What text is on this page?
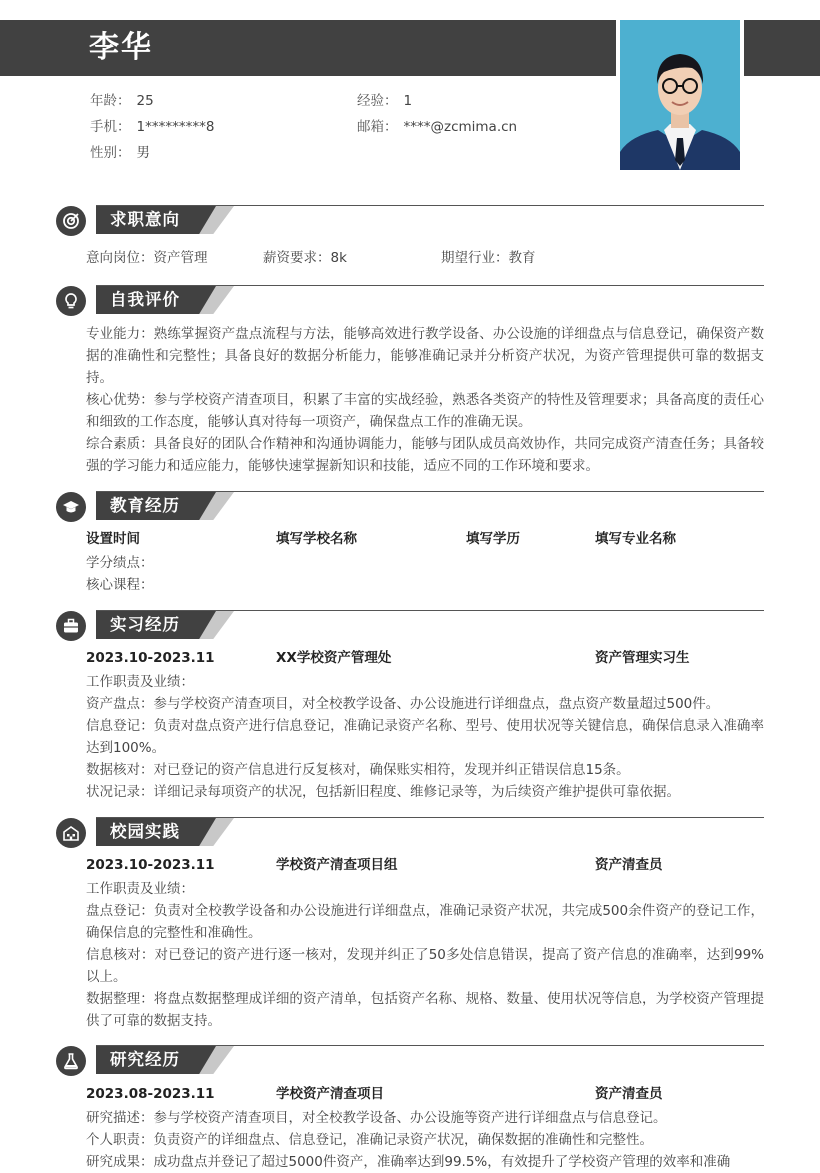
李华
年龄： 25	经验： 1
手机： 1*********8	邮箱： ****@zcmima.cn
性别： 男
求职意向
意向岗位：资产管理	薪资要求：8k	期望行业：教育
自我评价
专业能力：熟练掌握资产盘点流程与方法，能够高效进行教学设备、办公设施的详细盘点与信息登记，确保资产数据的准确性和完整性；具备良好的数据分析能力，能够准确记录并分析资产状况，为资产管理提供可靠的数据支持。
核心优势：参与学校资产清查项目，积累了丰富的实战经验，熟悉各类资产的特性及管理要求；具备高度的责任心和细致的工作态度，能够认真对待每一项资产，确保盘点工作的准确无误。
综合素质：具备良好的团队合作精神和沟通协调能力，能够与团队成员高效协作，共同完成资产清查任务；具备较强的学习能力和适应能力，能够快速掌握新知识和技能，适应不同的工作环境和要求。
教育经历
设置时间	填写学校名称	填写学历	填写专业名称
学分绩点：
核心课程：
实习经历
2023.10-2023.11	XX学校资产管理处	资产管理实习生
工作职责及业绩：
资产盘点：参与学校资产清查项目，对全校教学设备、办公设施进行详细盘点，盘点资产数量超过500件。
信息登记：负责对盘点资产进行信息登记，准确记录资产名称、型号、使用状况等关键信息，确保信息录入准确率达到100%。
数据核对：对已登记的资产信息进行反复核对，确保账实相符，发现并纠正错误信息15条。
状况记录：详细记录每项资产的状况，包括新旧程度、维修记录等，为后续资产维护提供可靠依据。
校园实践
2023.10-2023.11	学校资产清查项目组	资产清查员
工作职责及业绩：
盘点登记：负责对全校教学设备和办公设施进行详细盘点，准确记录资产状况，共完成500余件资产的登记工作，确保信息的完整性和准确性。
信息核对：对已登记的资产进行逐一核对，发现并纠正了50多处信息错误，提高了资产信息的准确率，达到99%以上。
数据整理：将盘点数据整理成详细的资产清单，包括资产名称、规格、数量、使用状况等信息，为学校资产管理提供了可靠的数据支持。
研究经历
2023.08-2023.11	学校资产清查项目	资产清查员
研究描述：参与学校资产清查项目，对全校教学设备、办公设施等资产进行详细盘点与信息登记。
个人职责：负责资产的详细盘点、信息登记，准确记录资产状况，确保数据的准确性和完整性。
研究成果：成功盘点并登记了超过5000件资产，准确率达到99.5%，有效提升了学校资产管理的效率和准确
